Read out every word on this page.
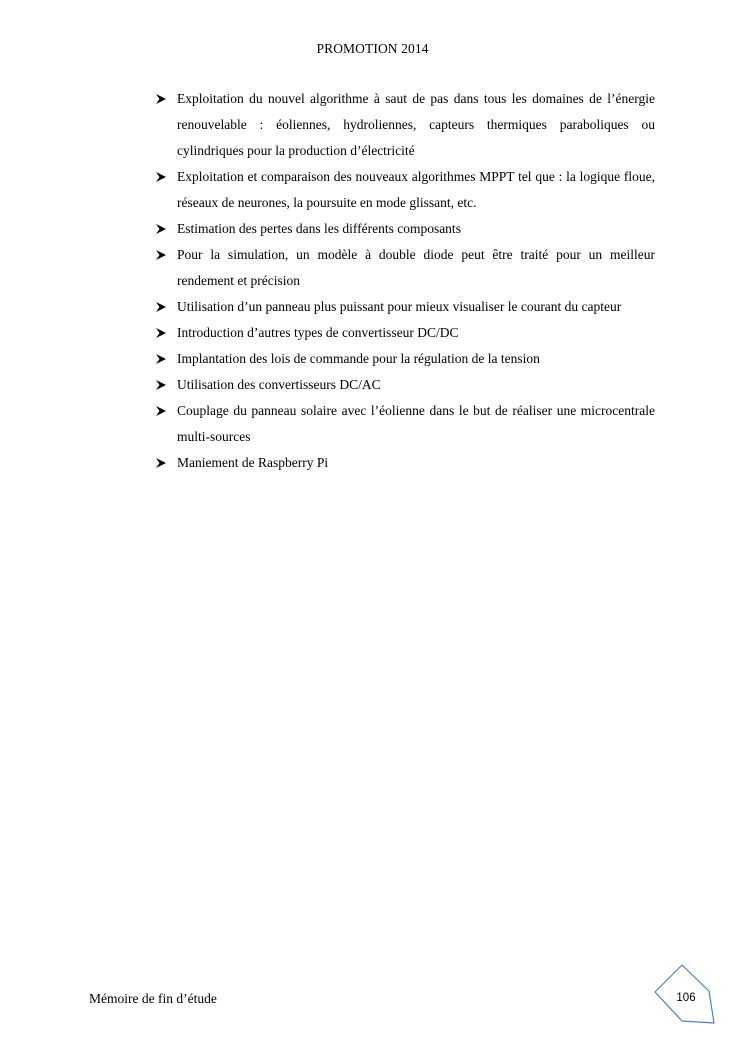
PROMOTION 2014
Exploitation du nouvel algorithme à saut de pas dans tous les domaines de l’énergie renouvelable : éoliennes, hydroliennes, capteurs thermiques paraboliques ou cylindriques pour la production d’électricité
Exploitation et comparaison des nouveaux algorithmes MPPT tel que : la logique floue, réseaux de neurones, la poursuite en mode glissant, etc.
Estimation des pertes dans les différents composants
Pour la simulation, un modèle à double diode peut être traité pour un meilleur rendement et précision
Utilisation d’un panneau plus puissant pour mieux visualiser le courant du capteur
Introduction d’autres types de convertisseur DC/DC
Implantation des lois de commande pour la régulation de la tension
Utilisation des convertisseurs DC/AC
Couplage du panneau solaire avec l’éolienne dans le but de réaliser une microcentrale multi-sources
Maniement de Raspberry Pi
Mémoire de fin d’étude	106
